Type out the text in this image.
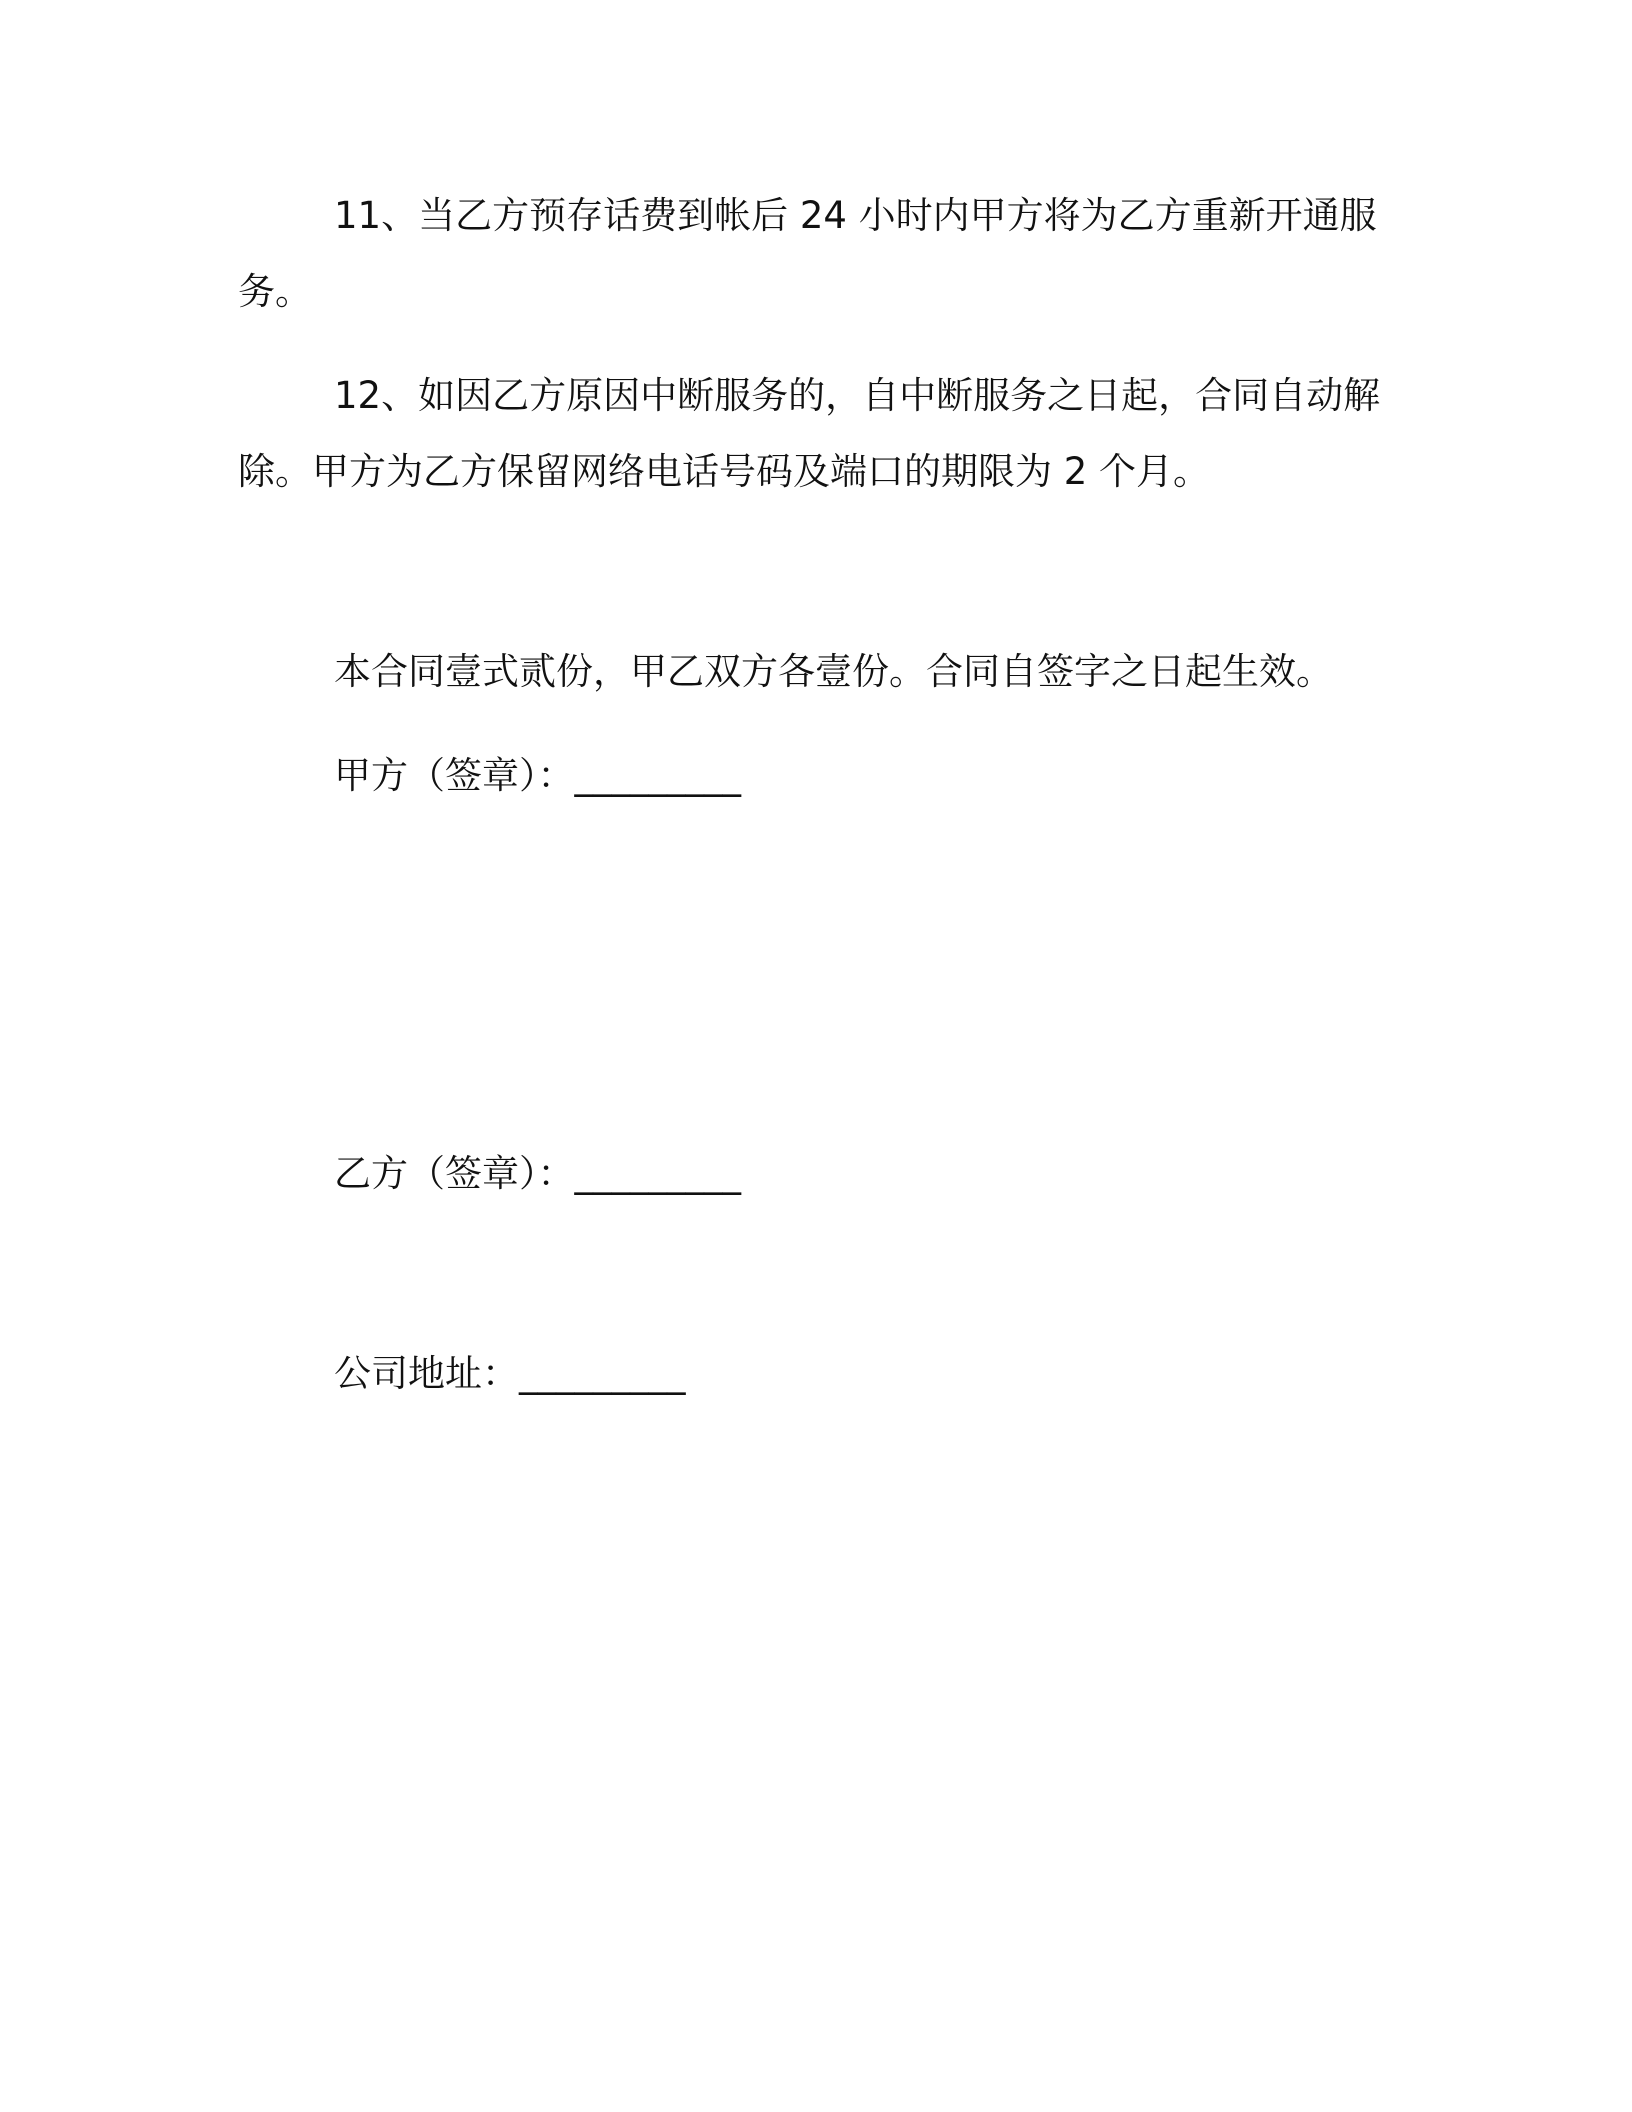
11、当乙方预存话费到帐后 24 小时内甲方将为乙方重新开通服
务。
12、如因乙方原因中断服务的，自中断服务之日起，合同自动解
除。甲方为乙方保留网络电话号码及端口的期限为 2 个月。

本合同壹式贰份，甲乙双方各壹份。合同自签字之日起生效。

甲方（签章）：_________

乙方（签章）：_________

公司地址：_________
